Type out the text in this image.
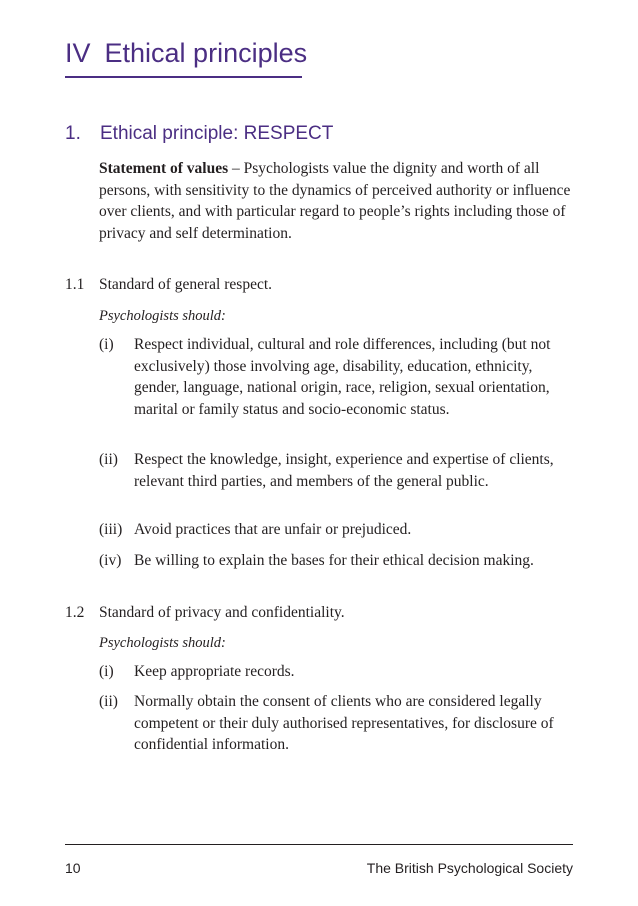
IV Ethical principles
1. Ethical principle: RESPECT
Statement of values – Psychologists value the dignity and worth of all persons, with sensitivity to the dynamics of perceived authority or influence over clients, and with particular regard to people’s rights including those of privacy and self determination.
1.1 Standard of general respect.
Psychologists should:
(i)	Respect individual, cultural and role differences, including (but not exclusively) those involving age, disability, education, ethnicity, gender, language, national origin, race, religion, sexual orientation, marital or family status and socio-economic status.
(ii)	Respect the knowledge, insight, experience and expertise of clients, relevant third parties, and members of the general public.
(iii) Avoid practices that are unfair or prejudiced.
(iv) Be willing to explain the bases for their ethical decision making.
1.2 Standard of privacy and confidentiality.
Psychologists should:
(i)	Keep appropriate records.
(ii)	Normally obtain the consent of clients who are considered legally competent or their duly authorised representatives, for disclosure of confidential information.
10	The British Psychological Society
